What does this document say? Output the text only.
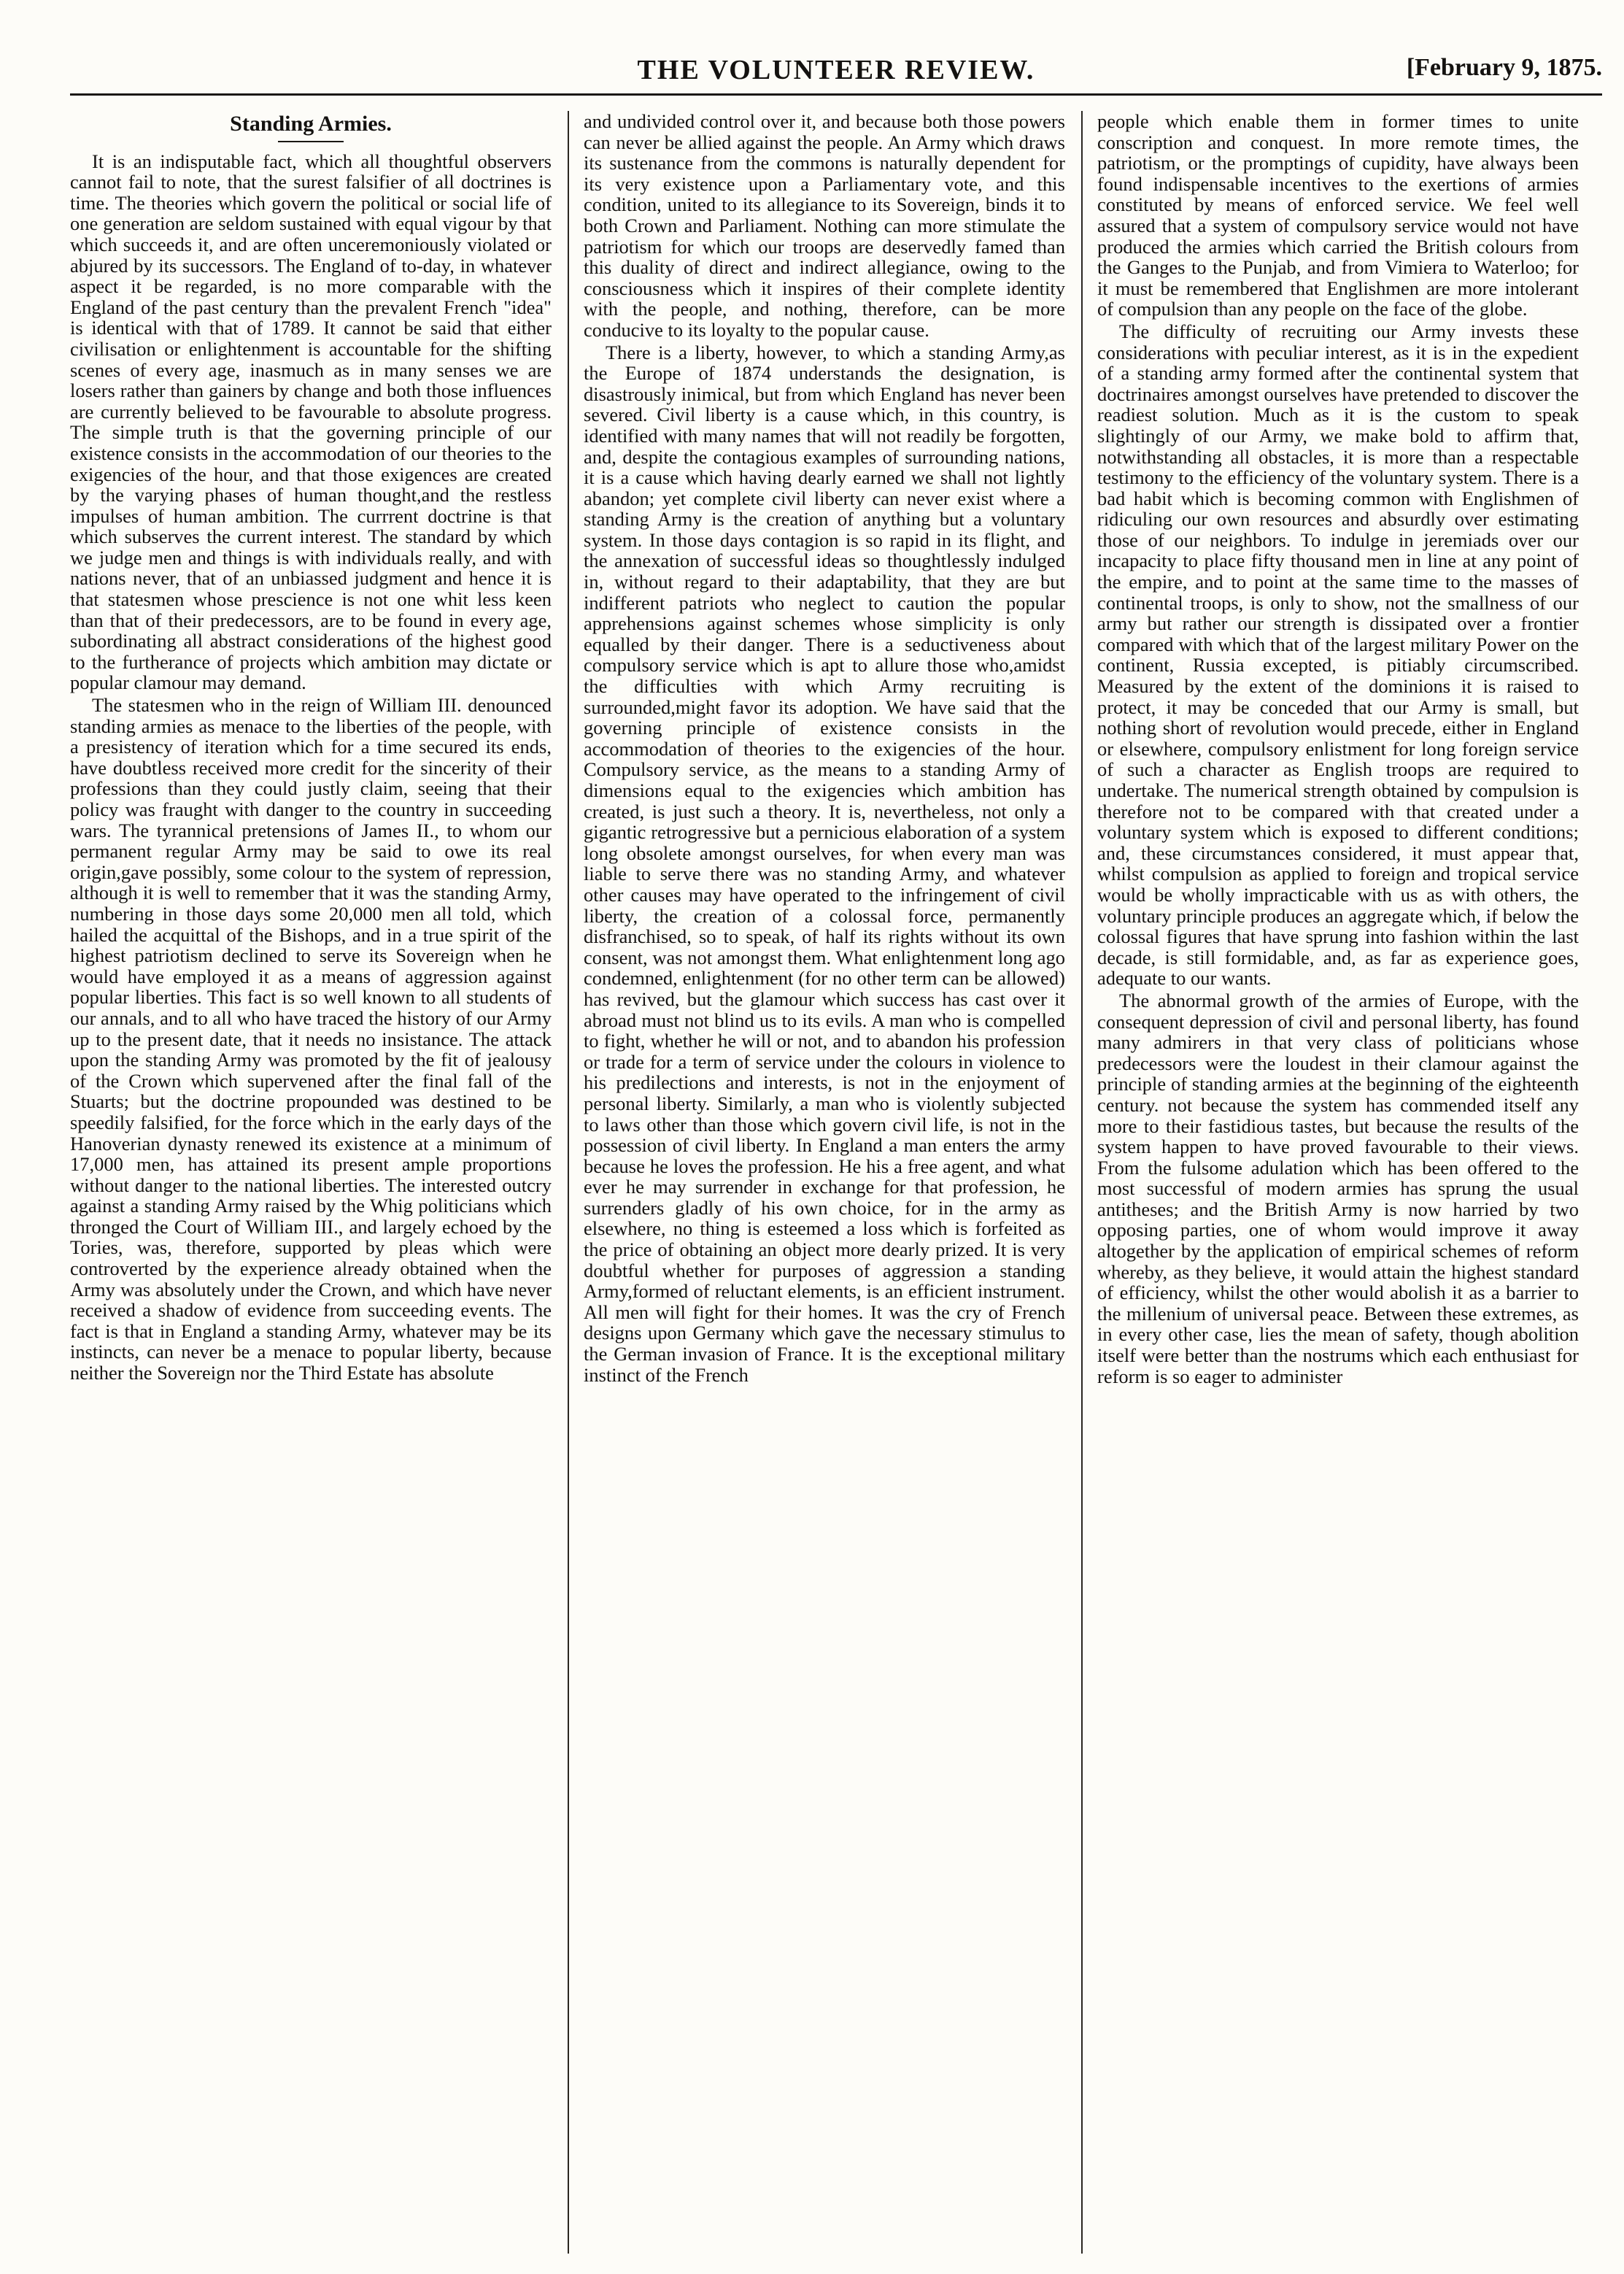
THE VOLUNTEER REVIEW.	[February 9, 1875.
Standing Armies.

It is an indisputable fact, which all thoughtful observers cannot fail to note, that the surest falsifier of all doctrines is time. The theories which govern the political or social life of one generation are seldom sustained with equal vigour by that which succeeds it, and are often unceremoniously violated or abjured by its successors. The England of to-day, in whatever aspect it be regarded, is no more comparable with the England of the past century than the prevalent French "idea" is identical with that of 1789. It cannot be said that either civilisation or enlightenment is accountable for the shifting scenes of every age, inasmuch as in many senses we are losers rather than gainers by change and both those influences are currently believed to be favourable to absolute progress. The simple truth is that the governing principle of our existence consists in the accommodation of our theories to the exigencies of the hour, and that those exigences are created by the varying phases of human thought,and the restless impulses of human ambition. The currrent doctrine is that which subserves the current interest. The standard by which we judge men and things is with individuals really, and with nations never, that of an unbiassed judgment and hence it is that statesmen whose prescience is not one whit less keen than that of their predecessors, are to be found in every age, subordinating all abstract considerations of the highest good to the furtherance of projects which ambition may dictate or popular clamour may demand.

The statesmen who in the reign of William III. denounced standing armies as menace to the liberties of the people, with a presistency of iteration which for a time secured its ends, have doubtless received more credit for the sincerity of their professions than they could justly claim, seeing that their policy was fraught with danger to the country in succeeding wars. The tyrannical pretensions of James II., to whom our permanent regular Army may be said to owe its real origin,gave possibly, some colour to the system of repression, although it is well to remember that it was the standing Army, numbering in those days some 20,000 men all told, which hailed the acquittal of the Bishops, and in a true spirit of the highest patriotism declined to serve its Sovereign when he would have employed it as a means of aggression against popular liberties. This fact is so well known to all students of our annals, and to all who have traced the history of our Army up to the present date, that it needs no insistance. The attack upon the standing Army was promoted by the fit of jealousy of the Crown which supervened after the final fall of the Stuarts; but the doctrine propounded was destined to be speedily falsified, for the force which in the early days of the Hanoverian dynasty renewed its existence at a minimum of 17,000 men, has attained its present ample proportions without danger to the national liberties. The interested outcry against a standing Army raised by the Whig politicians which thronged the Court of William III., and largely echoed by the Tories, was, therefore, supported by pleas which were controverted by the experience already obtained when the Army was absolutely under the Crown, and which have never received a shadow of evidence from succeeding events. The fact is that in England a standing Army, whatever may be its instincts, can never be a menace to popular liberty, because neither the Sovereign nor the Third Estate has absolute

and undivided control over it, and because both those powers can never be allied against the people. An Army which draws its sustenance from the commons is naturally dependent for its very existence upon a Parliamentary vote, and this condition, united to its allegiance to its Sovereign, binds it to both Crown and Parliament. Nothing can more stimulate the patriotism for which our troops are deservedly famed than this duality of direct and indirect allegiance, owing to the consciousness which it inspires of their complete identity with the people, and nothing, therefore, can be more conducive to its loyalty to the popular cause.

There is a liberty, however, to which a standing Army,as the Europe of 1874 understands the designation, is disastrously inimical, but from which England has never been severed. Civil liberty is a cause which, in this country, is identified with many names that will not readily be forgotten, and, despite the contagious examples of surrounding nations, it is a cause which having dearly earned we shall not lightly abandon; yet complete civil liberty can never exist where a standing Army is the creation of anything but a voluntary system. In those days contagion is so rapid in its flight, and the annexation of successful ideas so thoughtlessly indulged in, without regard to their adaptability, that they are but indifferent patriots who neglect to caution the popular apprehensions against schemes whose simplicity is only equalled by their danger. There is a seductiveness about compulsory service which is apt to allure those who,amidst the difficulties with which Army recruiting is surrounded,might favor its adoption. We have said that the governing principle of existence consists in the accommodation of theories to the exigencies of the hour. Compulsory service, as the means to a standing Army of dimensions equal to the exigencies which ambition has created, is just such a theory. It is, nevertheless, not only a gigantic retrogressive but a pernicious elaboration of a system long obsolete amongst ourselves, for when every man was liable to serve there was no standing Army, and whatever other causes may have operated to the infringement of civil liberty, the creation of a colossal force, permanently disfranchised, so to speak, of half its rights without its own consent, was not amongst them. What enlightenment long ago condemned, enlightenment (for no other term can be allowed) has revived, but the glamour which success has cast over it abroad must not blind us to its evils. A man who is compelled to fight, whether he will or not, and to abandon his profession or trade for a term of service under the colours in violence to his predilections and interests, is not in the enjoyment of personal liberty. Similarly, a man who is violently subjected to laws other than those which govern civil life, is not in the possession of civil liberty. In England a man enters the army because he loves the profession. He his a free agent, and what ever he may surrender in exchange for that profession, he surrenders gladly of his own choice, for in the army as elsewhere, no thing is esteemed a loss which is forfeited as the price of obtaining an object more dearly prized. It is very doubtful whether for purposes of aggression a standing Army,formed of reluctant elements, is an efficient instrument. All men will fight for their homes. It was the cry of French designs upon Germany which gave the necessary stimulus to the German invasion of France. It is the exceptional military instinct of the French

people which enable them in former times to unite conscription and conquest. In more remote times, the patriotism, or the promptings of cupidity, have always been found indispensable incentives to the exertions of armies constituted by means of enforced service. We feel well assured that a system of compulsory service would not have produced the armies which carried the British colours from the Ganges to the Punjab, and from Vimiera to Waterloo; for it must be remembered that Englishmen are more intolerant of compulsion than any people on the face of the globe.

The difficulty of recruiting our Army invests these considerations with peculiar interest, as it is in the expedient of a standing army formed after the continental system that doctrinaires amongst ourselves have pretended to discover the readiest solution. Much as it is the custom to speak slightingly of our Army, we make bold to affirm that, notwithstanding all obstacles, it is more than a respectable testimony to the efficiency of the voluntary system. There is a bad habit which is becoming common with Englishmen of ridiculing our own resources and absurdly over estimating those of our neighbors. To indulge in jeremiads over our incapacity to place fifty thousand men in line at any point of the empire, and to point at the same time to the masses of continental troops, is only to show, not the smallness of our army but rather our strength is dissipated over a frontier compared with which that of the largest military Power on the continent, Russia excepted, is pitiably circumscribed. Measured by the extent of the dominions it is raised to protect, it may be conceded that our Army is small, but nothing short of revolution would precede, either in England or elsewhere, compulsory enlistment for long foreign service of such a character as English troops are required to undertake. The numerical strength obtained by compulsion is therefore not to be compared with that created under a voluntary system which is exposed to different conditions; and, these circumstances considered, it must appear that, whilst compulsion as applied to foreign and tropical service would be wholly impracticable with us as with others, the voluntary principle produces an aggregate which, if below the colossal figures that have sprung into fashion within the last decade, is still formidable, and, as far as experience goes, adequate to our wants.

The abnormal growth of the armies of Europe, with the consequent depression of civil and personal liberty, has found many admirers in that very class of politicians whose predecessors were the loudest in their clamour against the principle of standing armies at the beginning of the eighteenth century. not because the system has commended itself any more to their fastidious tastes, but because the results of the system happen to have proved favourable to their views. From the fulsome adulation which has been offered to the most successful of modern armies has sprung the usual antitheses; and the British Army is now harried by two opposing parties, one of whom would improve it away altogether by the application of empirical schemes of reform whereby, as they believe, it would attain the highest standard of efficiency, whilst the other would abolish it as a barrier to the millenium of universal peace. Between these extremes, as in every other case, lies the mean of safety, though abolition itself were better than the nostrums which each enthusiast for reform is so eager to administer
